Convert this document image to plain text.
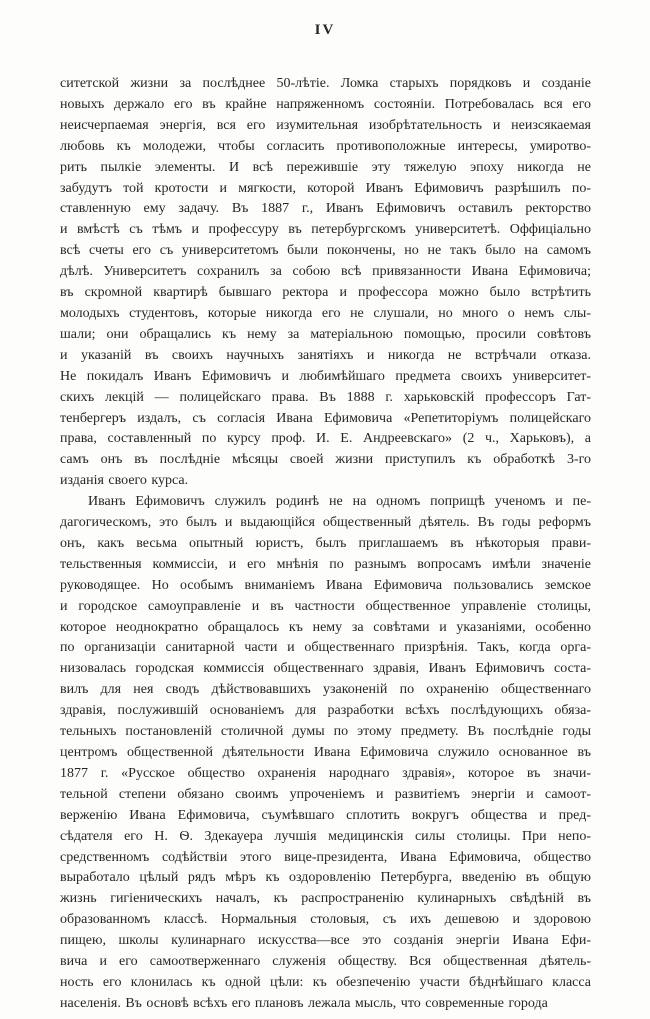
IV
ситетской жизни за послѣднее 50-лѣтіе. Ломка старыхъ порядковъ и созданіе
новыхъ держало его въ крайне напряженномъ состояніи. Потребовалась вся его
неисчерпаемая энергія, вся его изумительная изобрѣтательность и неизсякаемая
любовь къ молодежи, чтобы согласить противоположные интересы, умиротво-
рить пылкіе элементы. И всѣ пережившіе эту тяжелую эпоху никогда не
забудутъ той кротости и мягкости, которой Иванъ Ефимовичъ разрѣшилъ по-
ставленную ему задачу. Въ 1887 г., Иванъ Ефимовичъ оставилъ ректорство
и вмѣстѣ съ тѣмъ и профессуру въ петербургскомъ университетѣ. Оффиціально
всѣ счеты его съ университетомъ были покончены, но не такъ было на самомъ
дѣлѣ. Университетъ сохранилъ за собою всѣ привязанности Ивана Ефимовича;
въ скромной квартирѣ бывшаго ректора и профессора можно было встрѣтить
молодыхъ студентовъ, которые никогда его не слушали, но много о немъ слы-
шали; они обращались къ нему за матеріальною помощью, просили совѣтовъ
и указаній въ своихъ научныхъ занятіяхъ и никогда не встрѣчали отказа.
Не покидалъ Иванъ Ефимовичъ и любимѣйшаго предмета своихъ университет-
скихъ лекцій — полицейскаго права. Въ 1888 г. харьковскій профессоръ Гат-
тенбергеръ издалъ, съ согласія Ивана Ефимовича «Репетиторіумъ полицейскаго
права, составленный по курсу проф. И. Е. Андреевскаго» (2 ч., Харьковъ), а
самъ онъ въ послѣдніе мѣсяцы своей жизни приступилъ къ обработкѣ 3-го
изданія своего курса.
Иванъ Ефимовичъ служилъ родинѣ не на одномъ поприщѣ ученомъ и пе-
дагогическомъ, это былъ и выдающійся общественный дѣятель. Въ годы реформъ
онъ, какъ весьма опытный юристъ, былъ приглашаемъ въ нѣкоторыя прави-
тельственныя коммиссіи, и его мнѣнія по разнымъ вопросамъ имѣли значеніе
руководящее. Но особымъ вниманіемъ Ивана Ефимовича пользовались земское
и городское самоуправленіе и въ частности общественное управленіе столицы,
которое неоднократно обращалось къ нему за совѣтами и указаніями, особенно
по организаціи санитарной части и общественнаго призрѣнія. Такъ, когда орга-
низовалась городская коммиссія общественнаго здравія, Иванъ Ефимовичъ соста-
вилъ для нея сводъ дѣйствовавшихъ узаконеній по охраненію общественнаго
здравія, послужившій основаніемъ для разработки всѣхъ послѣдующихъ обяза-
тельныхъ постановленій столичной думы по этому предмету. Въ послѣдніе годы
центромъ общественной дѣятельности Ивана Ефимовича служило основанное въ
1877 г. «Русское общество охраненія народнаго здравія», которое въ значи-
тельной степени обязано своимъ упроченіемъ и развитіемъ энергіи и самоот-
верженію Ивана Ефимовича, съумѣвшаго сплотить вокругъ общества и пред-
сѣдателя его Н. Ѳ. Здекауера лучшія медицинскія силы столицы. При непо-
средственномъ содѣйствіи этого вице-президента, Ивана Ефимовича, общество
выработало цѣлый рядъ мѣръ къ оздоровленію Петербурга, введенію въ общую
жизнь гигіеническихъ началъ, къ распространенію кулинарныхъ свѣдѣній въ
образованномъ классѣ. Нормальныя столовыя, съ ихъ дешевою и здоровою
пищею, школы кулинарнаго искусства—все это созданія энергіи Ивана Ефи-
вича и его самоотверженнаго служенія обществу. Вся общественная дѣятель-
ность его клонилась къ одной цѣли: къ обезпеченію участи бѣднѣйшаго класса
населенія. Въ основѣ всѣхъ его плановъ лежала мысль, что современные города
